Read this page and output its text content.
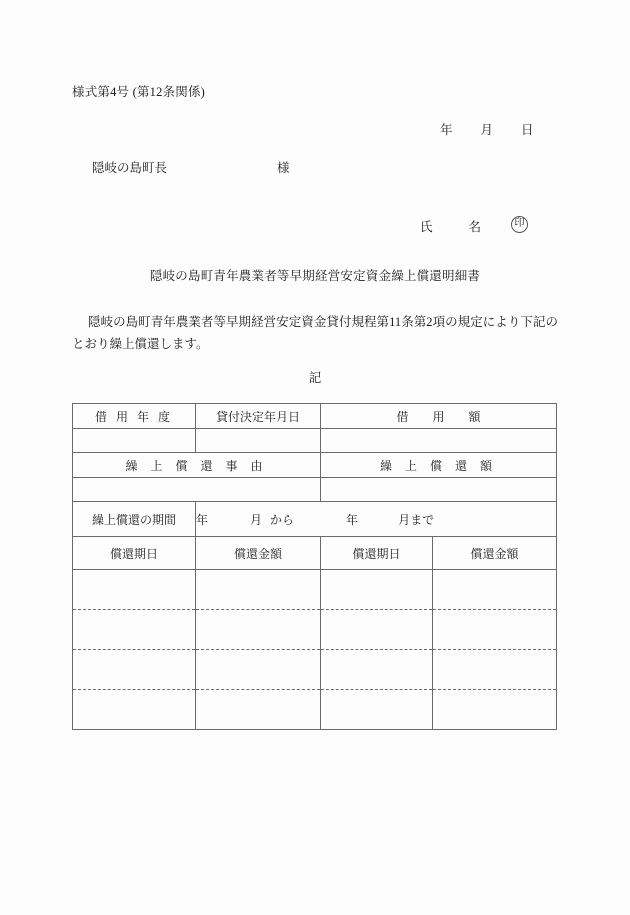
様式第4号 (第12条関係)
年 月 日
隠岐の島町長	様
氏	名	印
隠岐の島町青年農業者等早期経営安定資金繰上償還明細書
隠岐の島町青年農業者等早期経営安定資金貸付規程第11条第2項の規定により下記のとおり繰上償還します。
記
借 用 年 度	貸付決定年月日	借　　用　　額	

繰 上 償 還 事 由		繰 上 償 還 額	

繰上償還の期間	年 月 から 年 月まで		
償還期日	償還金額	償還期日	償還金額
